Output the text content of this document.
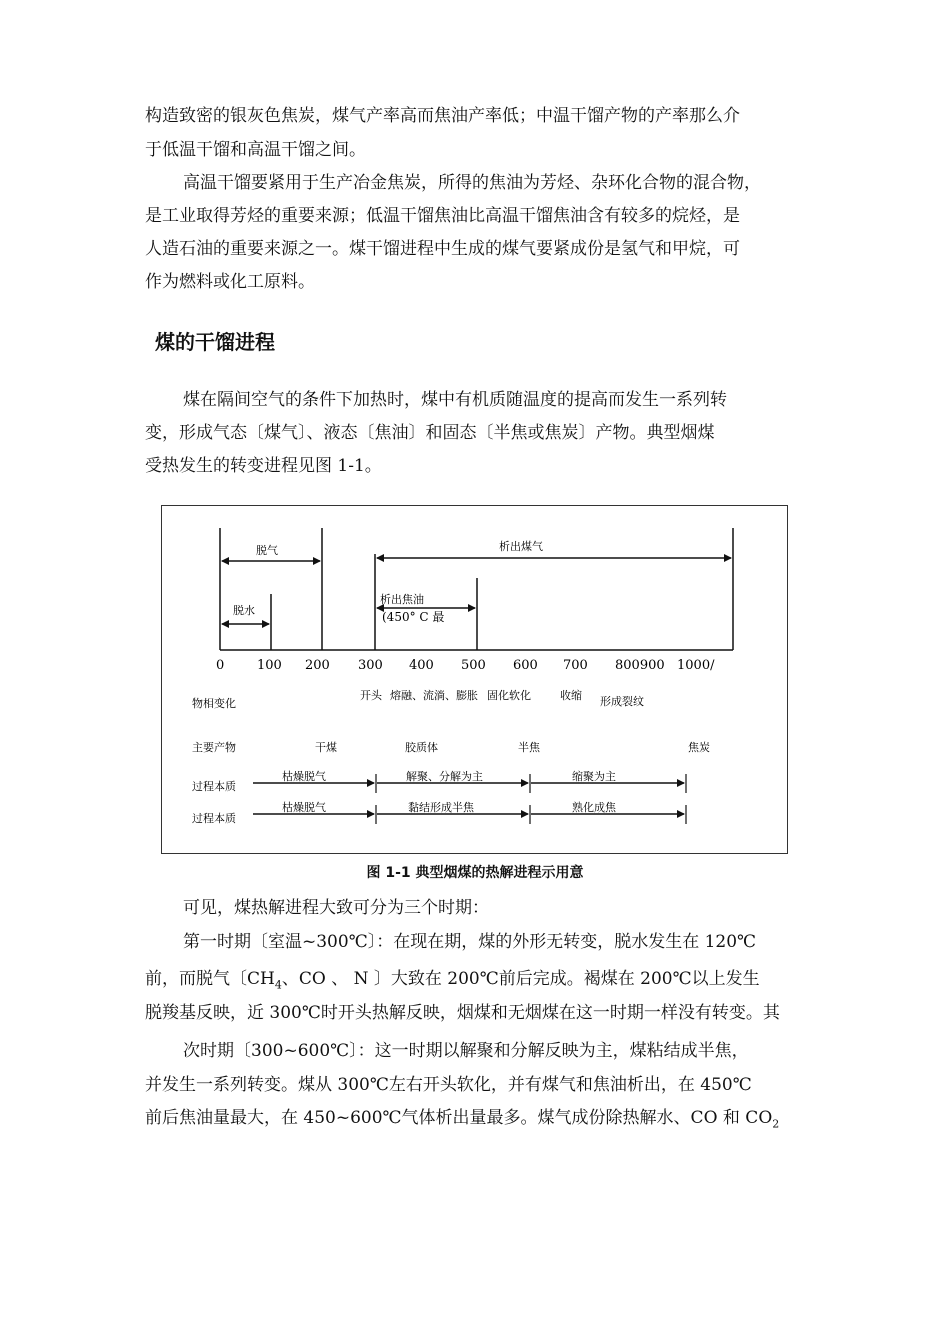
构造致密的银灰色焦炭，煤气产率高而焦油产率低；中温干馏产物的产率那么介
于低温干馏和高温干馏之间。
高温干馏要紧用于生产冶金焦炭，所得的焦油为芳烃、杂环化合物的混合物，
是工业取得芳烃的重要来源；低温干馏焦油比高温干馏焦油含有较多的烷烃，是
人造石油的重要来源之一。煤干馏进程中生成的煤气要紧成份是氢气和甲烷，可
作为燃料或化工原料。
煤的干馏进程
煤在隔间空气的条件下加热时，煤中有机质随温度的提高而发生一系列转
变，形成气态〔煤气〕、液态〔焦油〕和固态〔半焦或焦炭〕产物。典型烟煤
受热发生的转变进程见图 1-1。
脱气
脱水
析出煤气
析出焦油
(450° C 最
0	100 200 300 400 500 600 700 800900 1000/
物相变化
开头 熔融、流淌、膨胀 固化软化	收缩 形成裂纹
主要产物	干煤	胶质体	半焦	焦炭
过程本质
枯燥脱气	解聚、分解为主	缩聚为主
过程本质
枯燥脱气	黏结形成半焦	熟化成焦
图 1-1 典型烟煤的热解进程示用意
可见，煤热解进程大致可分为三个时期：
第一时期〔室温~300℃〕：在现在期，煤的外形无转变，脱水发生在 120℃
前，而脱气〔$CH_4$、CO 、 N 〕大致在 200℃前后完成。褐煤在 200℃以上发生
脱羧基反映，近 300℃时开头热解反映，烟煤和无烟煤在这一时期一样没有转变。其
次时期〔300~600℃〕：这一时期以解聚和分解反映为主，煤粘结成半焦，
并发生一系列转变。煤从 300℃左右开头软化，并有煤气和焦油析出，在 450℃
前后焦油量最大，在 450~600℃气体析出量最多。煤气成份除热解水、CO 和 $CO_2$
